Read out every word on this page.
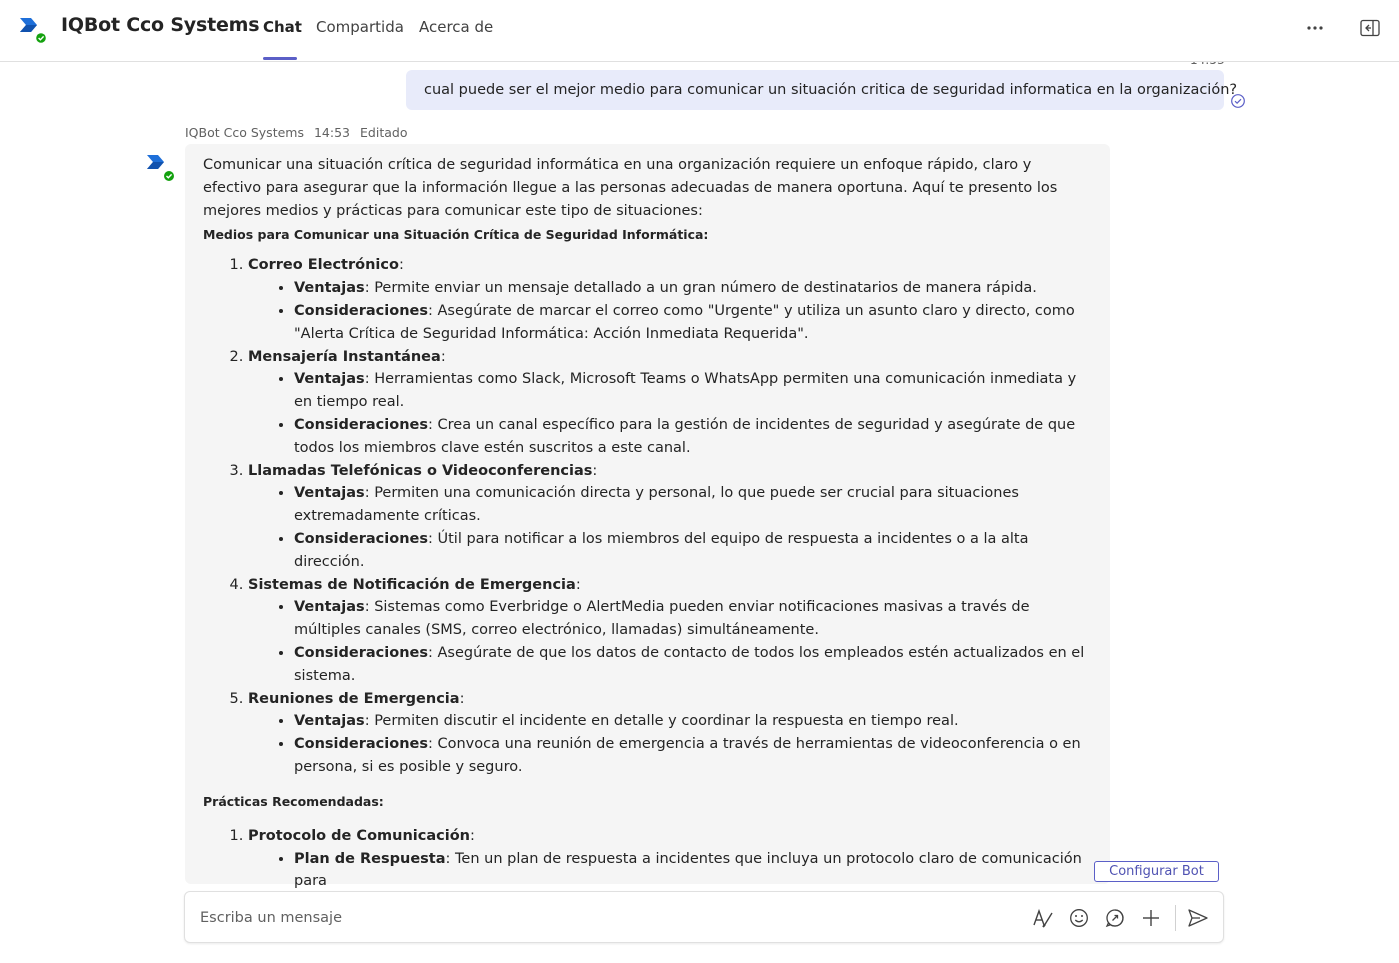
IQBot Cco Systems Chat Compartida Acerca de
cual puede ser el mejor medio para comunicar un situación critica de seguridad informatica en la organización?
IQBot Cco Systems 14:53 Editado

Comunicar una situación crítica de seguridad informática en una organización requiere un enfoque rápido, claro y efectivo para asegurar que la información llegue a las personas adecuadas de manera oportuna. Aquí te presento los mejores medios y prácticas para comunicar este tipo de situaciones:

Medios para Comunicar una Situación Crítica de Seguridad Informática:
1. Correo Electrónico:
• Ventajas: Permite enviar un mensaje detallado a un gran número de destinatarios de manera rápida.
• Consideraciones: Asegúrate de marcar el correo como "Urgente" y utiliza un asunto claro y directo, como "Alerta Crítica de Seguridad Informática: Acción Inmediata Requerida".
2. Mensajería Instantánea:
• Ventajas: Herramientas como Slack, Microsoft Teams o WhatsApp permiten una comunicación inmediata y en tiempo real.
• Consideraciones: Crea un canal específico para la gestión de incidentes de seguridad y asegúrate de que todos los miembros clave estén suscritos a este canal.
3. Llamadas Telefónicas o Videoconferencias:
• Ventajas: Permiten una comunicación directa y personal, lo que puede ser crucial para situaciones extremadamente críticas.
• Consideraciones: Útil para notificar a los miembros del equipo de respuesta a incidentes o a la alta dirección.
4. Sistemas de Notificación de Emergencia:
• Ventajas: Sistemas como Everbridge o AlertMedia pueden enviar notificaciones masivas a través de múltiples canales (SMS, correo electrónico, llamadas) simultáneamente.
• Consideraciones: Asegúrate de que los datos de contacto de todos los empleados estén actualizados en el sistema.
5. Reuniones de Emergencia:
• Ventajas: Permiten discutir el incidente en detalle y coordinar la respuesta en tiempo real.
• Consideraciones: Convoca una reunión de emergencia a través de herramientas de videoconferencia o en persona, si es posible y seguro.
Prácticas Recomendadas:
1. Protocolo de Comunicación:
• Plan de Respuesta: Ten un plan de respuesta a incidentes que incluya un protocolo claro de comunicación para
Configurar Bot
Escriba un mensaje
